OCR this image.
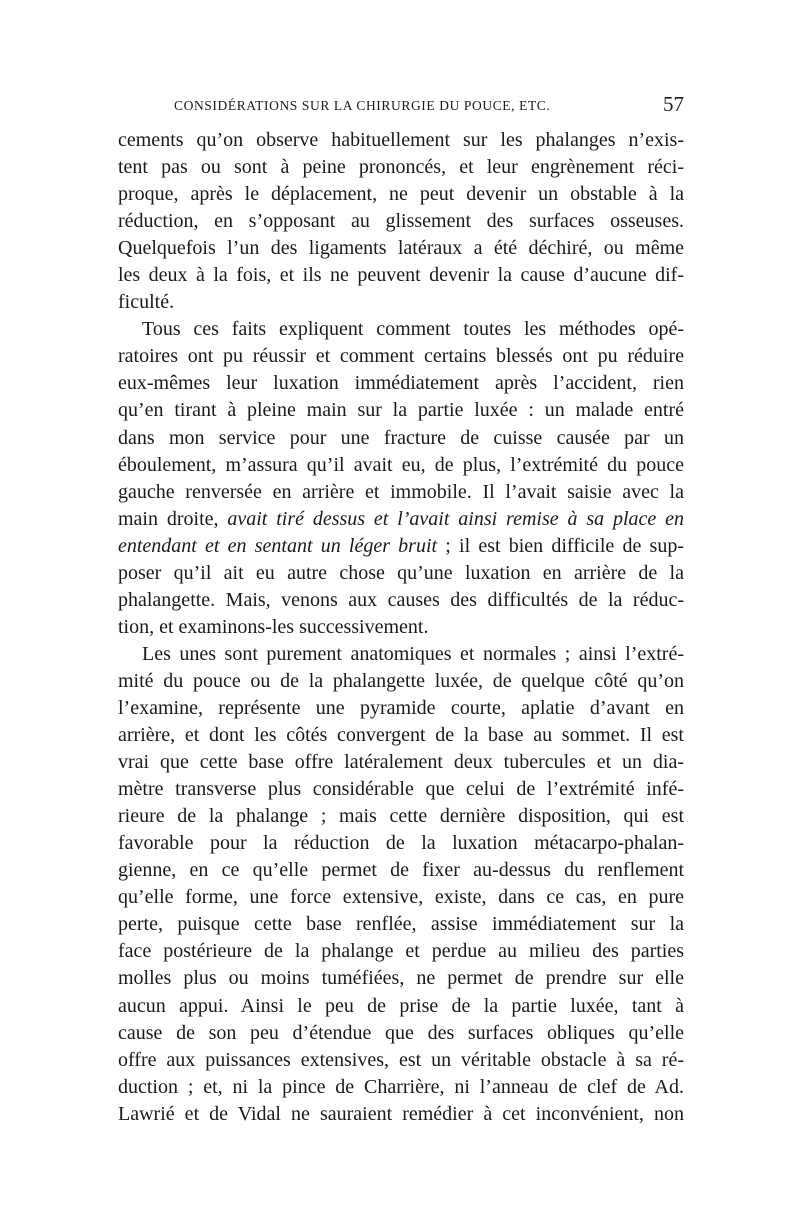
CONSIDÉRATIONS SUR LA CHIRURGIE DU POUCE, ETC.	57
cements qu’on observe habituellement sur les phalanges n’exis-
tent pas ou sont à peine prononcés, et leur engrènement réci-
proque, après le déplacement, ne peut devenir un obstable à la
réduction, en s’opposant au glissement des surfaces osseuses.
Quelquefois l’un des ligaments latéraux a été déchiré, ou même
les deux à la fois, et ils ne peuvent devenir la cause d’aucune dif-
ficulté.
Tous ces faits expliquent comment toutes les méthodes opé-
ratoires ont pu réussir et comment certains blessés ont pu réduire
eux-mêmes leur luxation immédiatement après l’accident, rien
qu’en tirant à pleine main sur la partie luxée : un malade entré
dans mon service pour une fracture de cuisse causée par un
éboulement, m’assura qu’il avait eu, de plus, l’extrémité du pouce
gauche renversée en arrière et immobile. Il l’avait saisie avec la
main droite, avait tiré dessus et l’avait ainsi remise à sa place en
entendant et en sentant un léger bruit ; il est bien difficile de sup-
poser qu’il ait eu autre chose qu’une luxation en arrière de la
phalangette. Mais, venons aux causes des difficultés de la réduc-
tion, et examinons-les successivement.
Les unes sont purement anatomiques et normales ; ainsi l’extré-
mité du pouce ou de la phalangette luxée, de quelque côté qu’on
l’examine, représente une pyramide courte, aplatie d’avant en
arrière, et dont les côtés convergent de la base au sommet. Il est
vrai que cette base offre latéralement deux tubercules et un dia-
mètre transverse plus considérable que celui de l’extrémité infé-
rieure de la phalange ; mais cette dernière disposition, qui est
favorable pour la réduction de la luxation métacarpo-phalan-
gienne, en ce qu’elle permet de fixer au-dessus du renflement
qu’elle forme, une force extensive, existe, dans ce cas, en pure
perte, puisque cette base renflée, assise immédiatement sur la
face postérieure de la phalange et perdue au milieu des parties
molles plus ou moins tuméfiées, ne permet de prendre sur elle
aucun appui. Ainsi le peu de prise de la partie luxée, tant à
cause de son peu d’étendue que des surfaces obliques qu’elle
offre aux puissances extensives, est un véritable obstacle à sa ré-
duction ; et, ni la pince de Charrière, ni l’anneau de clef de Ad.
Lawrié et de Vidal ne sauraient remédier à cet inconvénient, non
